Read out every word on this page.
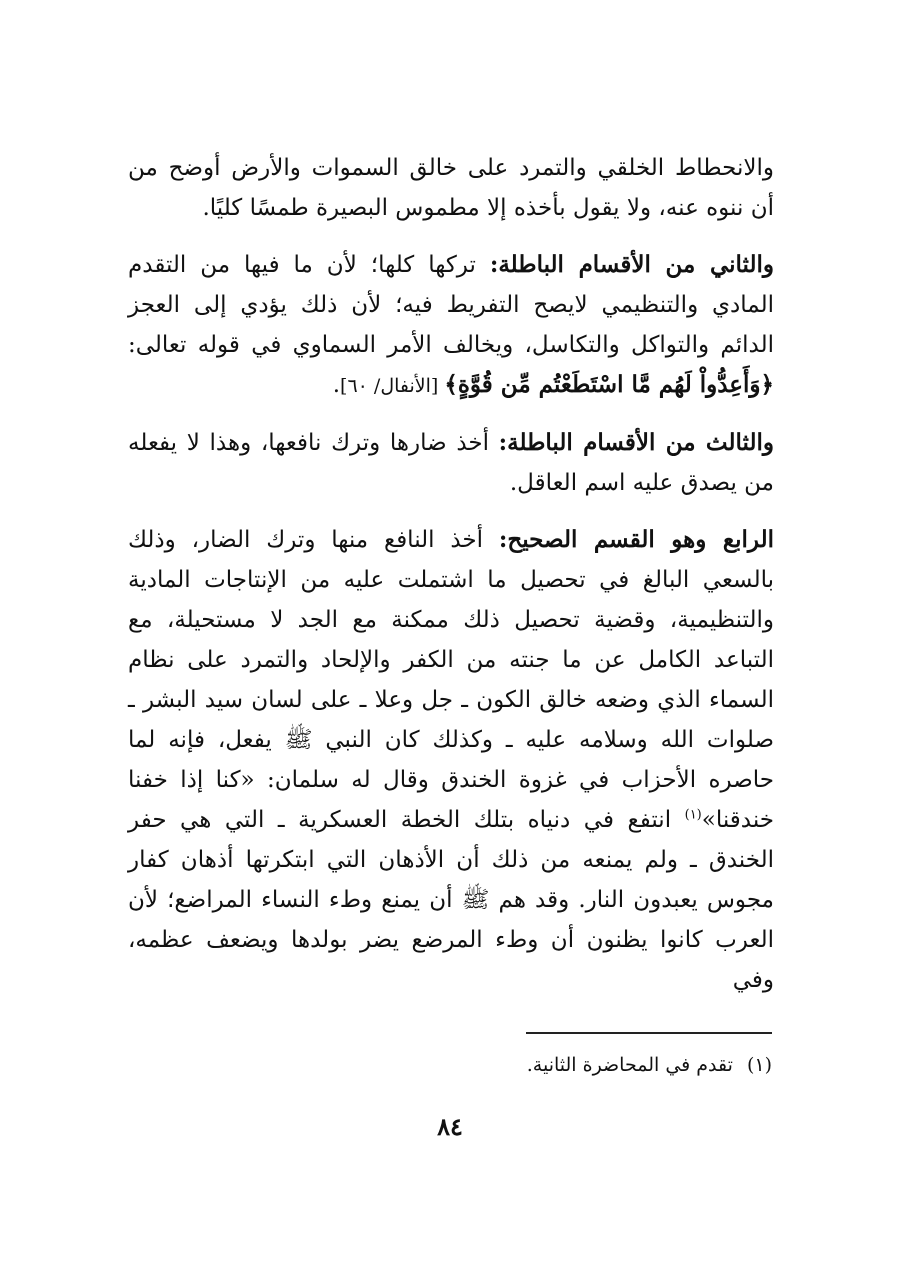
والانحطاط الخلقي والتمرد على خالق السموات والأرض أوضح من أن ننوه عنه، ولا يقول بأخذه إلا مطموس البصيرة طمسًا كليًا.

والثاني من الأقسام الباطلة: تركها كلها؛ لأن ما فيها من التقدم المادي والتنظيمي لايصح التفريط فيه؛ لأن ذلك يؤدي إلى العجز الدائم والتواكل والتكاسل، ويخالف الأمر السماوي في قوله تعالى: ﴿وَأَعِدُّواْ لَهُم مَّا اسْتَطَعْتُم مِّن قُوَّةٍ﴾ [الأنفال/ ٦٠].

والثالث من الأقسام الباطلة: أخذ ضارها وترك نافعها، وهذا لا يفعله من يصدق عليه اسم العاقل.

الرابع وهو القسم الصحيح: أخذ النافع منها وترك الضار، وذلك بالسعي البالغ في تحصيل ما اشتملت عليه من الإنتاجات المادية والتنظيمية، وقضية تحصيل ذلك ممكنة مع الجد لا مستحيلة، مع التباعد الكامل عن ما جنته من الكفر والإلحاد والتمرد على نظام السماء الذي وضعه خالق الكون ـ جل وعلا ـ على لسان سيد البشر ـ صلوات الله وسلامه عليه ـ وكذلك كان النبي ﷺ يفعل، فإنه لما حاصره الأحزاب في غزوة الخندق وقال له سلمان: «كنا إذا خفنا خندقنا»$^{(١)}$ انتفع في دنياه بتلك الخطة العسكرية ـ التي هي حفر الخندق ـ ولم يمنعه من ذلك أن الأذهان التي ابتكرتها أذهان كفار مجوس يعبدون النار. وقد هم ﷺ أن يمنع وطء النساء المراضع؛ لأن العرب كانوا يظنون أن وطء المرضع يضر بولدها ويضعف عظمه، وفي

(١)تقدم في المحاضرة الثانية.
٨٤
